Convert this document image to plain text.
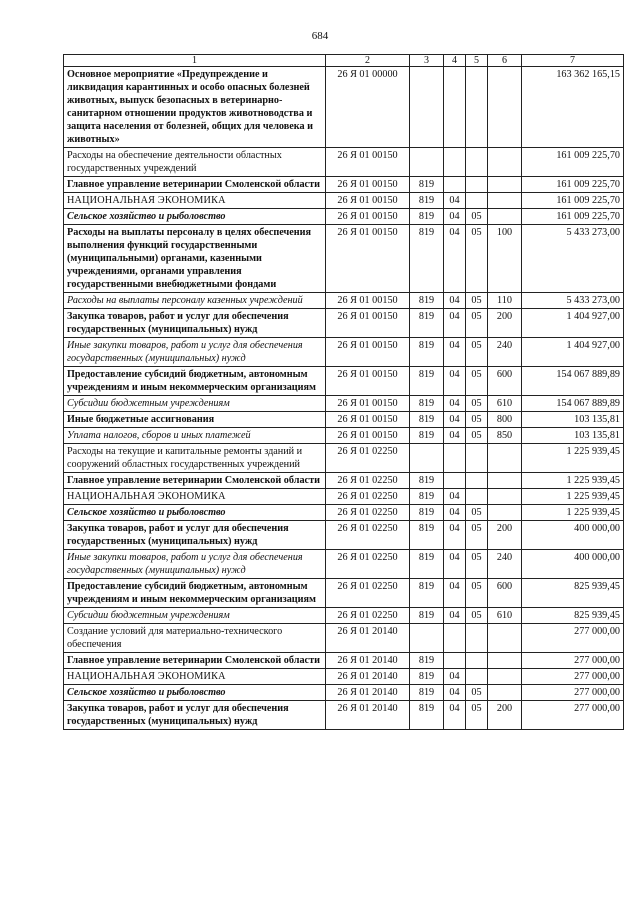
684
1	2	3	4	5	6	7
Основное мероприятие «Предупреждение и ликвидация карантинных и особо опасных болезней животных, выпуск безопасных в ветеринарно-санитарном отношении продуктов животноводства и защита населения от болезней, общих для человека и животных»	26 Я 01 00000					163 362 165,15
Расходы на обеспечение деятельности областных государственных учреждений	26 Я 01 00150					161 009 225,70
Главное управление ветеринарии Смоленской области	26 Я 01 00150	819				161 009 225,70
НАЦИОНАЛЬНАЯ ЭКОНОМИКА	26 Я 01 00150	819	04			161 009 225,70
Сельское хозяйство и рыболовство	26 Я 01 00150	819	04	05		161 009 225,70
Расходы на выплаты персоналу в целях обеспечения выполнения функций государственными (муниципальными) органами, казенными учреждениями, органами управления государственными внебюджетными фондами	26 Я 01 00150	819	04	05	100	5 433 273,00
Расходы на выплаты персоналу казенных учреждений	26 Я 01 00150	819	04	05	110	5 433 273,00
Закупка товаров, работ и услуг для обеспечения государственных (муниципальных) нужд	26 Я 01 00150	819	04	05	200	1 404 927,00
Иные закупки товаров, работ и услуг для обеспечения государственных (муниципальных) нужд	26 Я 01 00150	819	04	05	240	1 404 927,00
Предоставление субсидий бюджетным, автономным учреждениям и иным некоммерческим организациям	26 Я 01 00150	819	04	05	600	154 067 889,89
Субсидии бюджетным учреждениям	26 Я 01 00150	819	04	05	610	154 067 889,89
Иные бюджетные ассигнования	26 Я 01 00150	819	04	05	800	103 135,81
Уплата налогов, сборов и иных платежей	26 Я 01 00150	819	04	05	850	103 135,81
Расходы на текущие и капитальные ремонты зданий и сооружений областных государственных учреждений	26 Я 01 02250					1 225 939,45
Главное управление ветеринарии Смоленской области	26 Я 01 02250	819				1 225 939,45
НАЦИОНАЛЬНАЯ ЭКОНОМИКА	26 Я 01 02250	819	04			1 225 939,45
Сельское хозяйство и рыболовство	26 Я 01 02250	819	04	05		1 225 939,45
Закупка товаров, работ и услуг для обеспечения государственных (муниципальных) нужд	26 Я 01 02250	819	04	05	200	400 000,00
Иные закупки товаров, работ и услуг для обеспечения государственных (муниципальных) нужд	26 Я 01 02250	819	04	05	240	400 000,00
Предоставление субсидий бюджетным, автономным учреждениям и иным некоммерческим организациям	26 Я 01 02250	819	04	05	600	825 939,45
Субсидии бюджетным учреждениям	26 Я 01 02250	819	04	05	610	825 939,45
Создание условий для материально-технического обеспечения	26 Я 01 20140					277 000,00
Главное управление ветеринарии Смоленской области	26 Я 01 20140	819				277 000,00
НАЦИОНАЛЬНАЯ ЭКОНОМИКА	26 Я 01 20140	819	04			277 000,00
Сельское хозяйство и рыболовство	26 Я 01 20140	819	04	05		277 000,00
Закупка товаров, работ и услуг для обеспечения государственных (муниципальных) нужд	26 Я 01 20140	819	04	05	200	277 000,00
